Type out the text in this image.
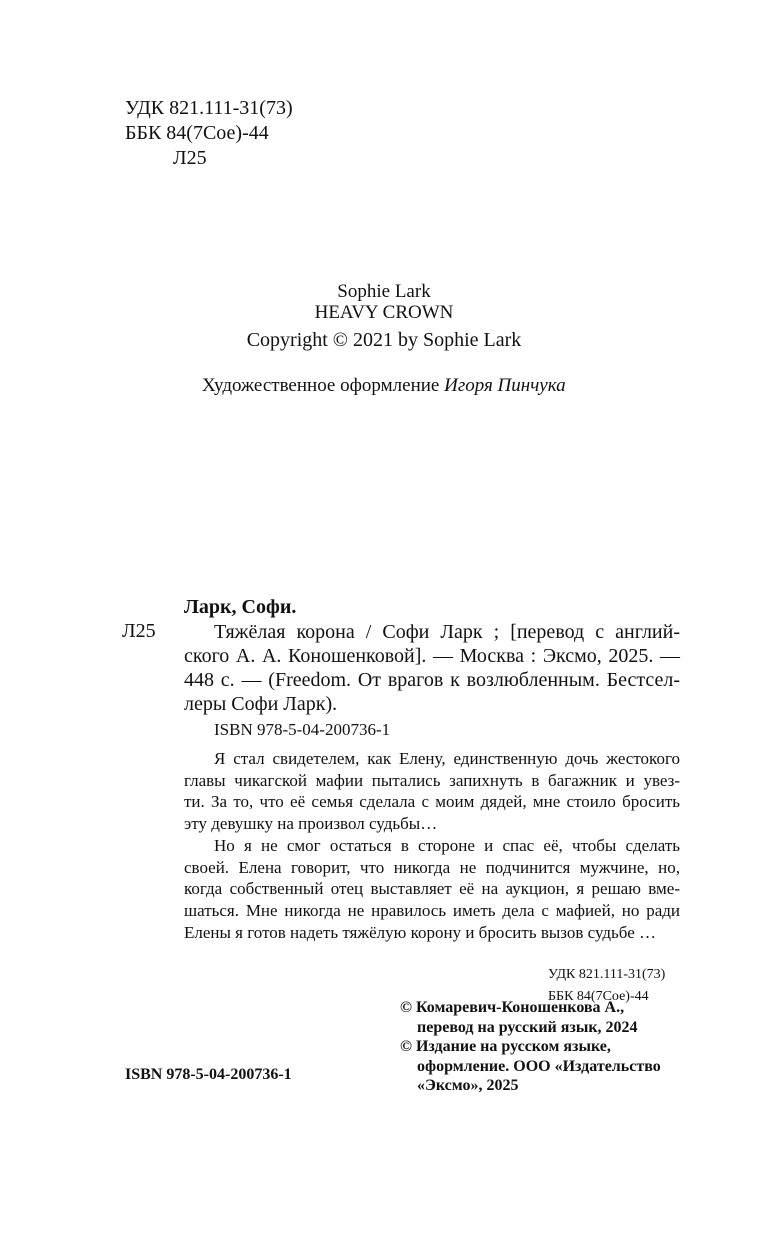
УДК 821.111-31(73)
ББК 84(7Сое)-44
Л25
Sophie Lark
HEAVY CROWN
Copyright © 2021 by Sophie Lark
Художественное оформление Игоря Пинчука
Ларк, Софи.
Л25	Тяжёлая корона / Софи Ларк ; [перевод с англий-
ского А. А. Коношенковой]. — Москва : Эксмо, 2025. —
448 с. — (Freedom. От врагов к возлюбленным. Бестсел-
леры Софи Ларк).
ISBN 978-5-04-200736-1
Я стал свидетелем, как Елену, единственную дочь жестокого
главы чикагской мафии пытались запихнуть в багажник и увез-
ти. За то, что её семья сделала с моим дядей, мне стоило бросить
эту девушку на произвол судьбы…
Но я не смог остаться в стороне и спас её, чтобы сделать
своей. Елена говорит, что никогда не подчинится мужчине, но,
когда собственный отец выставляет её на аукцион, я решаю вме-
шаться. Мне никогда не нравилось иметь дела с мафией, но ради
Елены я готов надеть тяжёлую корону и бросить вызов судьбе …
УДК 821.111-31(73)
ББК 84(7Сое)-44
© Комаревич-Коношенкова А.,
перевод на русский язык, 2024
© Издание на русском языке,
оформление. ООО «Издательство
«Эксмо», 2025
ISBN 978-5-04-200736-1
